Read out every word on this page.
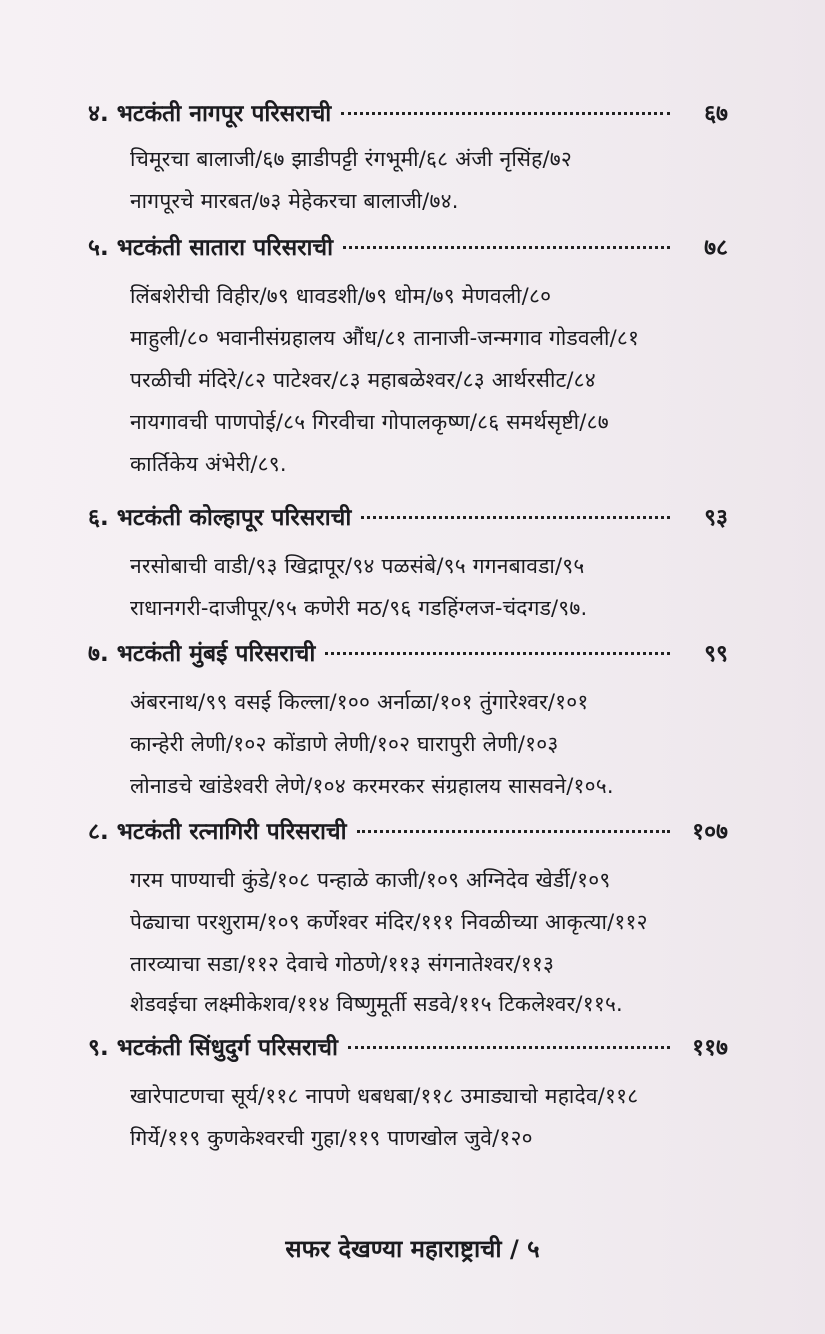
४. भटकंती नागपूर परिसराची	६७
चिमूरचा बालाजी/६७ झाडीपट्टी रंगभूमी/६८ अंजी नृसिंह/७२
नागपूरचे मारबत/७३ मेहेकरचा बालाजी/७४.
५. भटकंती सातारा परिसराची	७८
लिंबशेरीची विहीर/७९ धावडशी/७९ धोम/७९ मेणवली/८०
माहुली/८० भवानीसंग्रहालय औंध/८१ तानाजी-जन्मगाव गोडवली/८१
परळीची मंदिरे/८२ पाटेश्वर/८३ महाबळेश्वर/८३ आर्थरसीट/८४
नायगावची पाणपोई/८५ गिरवीचा गोपालकृष्ण/८६ समर्थसृष्टी/८७
कार्तिकेय अंभेरी/८९.
६. भटकंती कोल्हापूर परिसराची	९३
नरसोबाची वाडी/९३ खिद्रापूर/९४ पळसंबे/९५ गगनबावडा/९५
राधानगरी-दाजीपूर/९५ कणेरी मठ/९६ गडहिंग्लज-चंदगड/९७.
७. भटकंती मुंबई परिसराची	९९
अंबरनाथ/९९ वसई किल्ला/१०० अर्नाळा/१०१ तुंगारेश्वर/१०१
कान्हेरी लेणी/१०२ कोंडाणे लेणी/१०२ घारापुरी लेणी/१०३
लोनाडचे खांडेश्वरी लेणे/१०४ करमरकर संग्रहालय सासवने/१०५.
८. भटकंती रत्नागिरी परिसराची	१०७
गरम पाण्याची कुंडे/१०८ पन्हाळे काजी/१०९ अग्निदेव खेर्डी/१०९
पेढ्याचा परशुराम/१०९ कर्णेश्वर मंदिर/१११ निवळीच्या आकृत्या/११२
तारव्याचा सडा/११२ देवाचे गोठणे/११३ संगनातेश्वर/११३
शेडवईचा लक्ष्मीकेशव/११४ विष्णुमूर्ती सडवे/११५ टिकलेश्वर/११५.
९. भटकंती सिंधुदुर्ग परिसराची	११७
खारेपाटणचा सूर्य/११८ नापणे धबधबा/११८ उमाड्याचो महादेव/११८
गिर्ये/११९ कुणकेश्वरची गुहा/११९ पाणखोल जुवे/१२०
सफर देखण्या महाराष्ट्राची / ५
